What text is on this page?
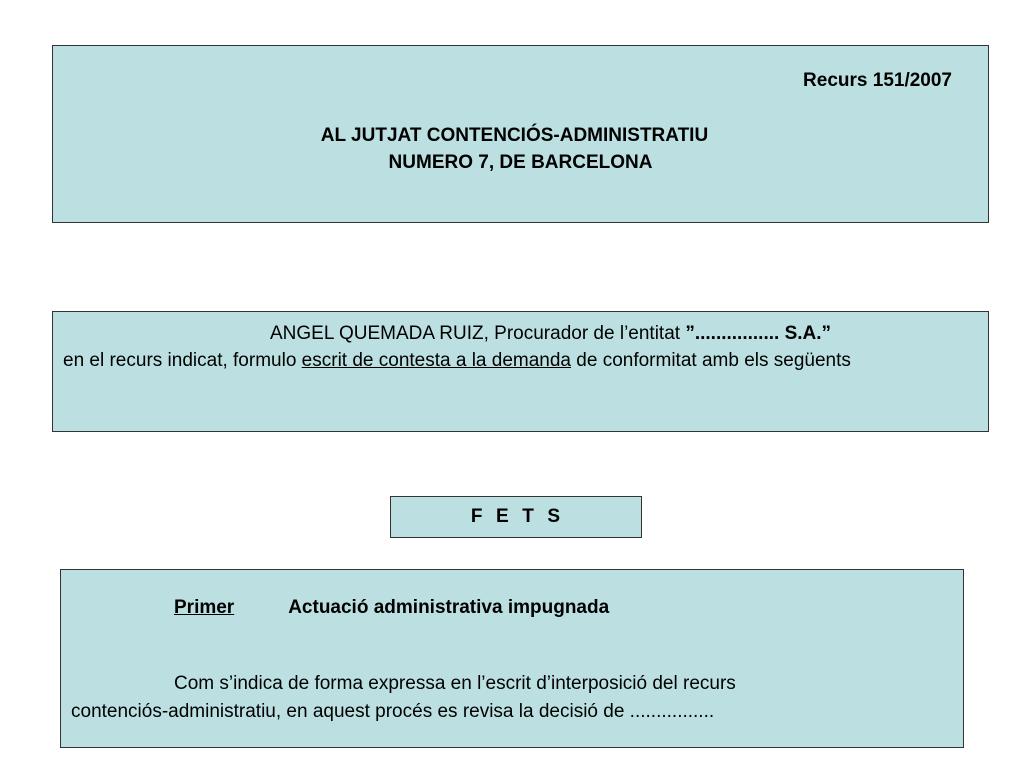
Recurs 151/2007
AL JUTJAT CONTENCIÓS-ADMINISTRATIU
NUMERO 7, DE BARCELONA
ANGEL QUEMADA RUIZ, Procurador de l’entitat ”................ S.A.”
en el recurs indicat, formulo escrit de contesta a la demanda de conformitat amb els següents
F  E  T  S
Primer	Actuació administrativa impugnada
Com s’indica de forma expressa en l’escrit d’interposició del recurs
contenciós-administratiu, en aquest procés es revisa la decisió de ................
